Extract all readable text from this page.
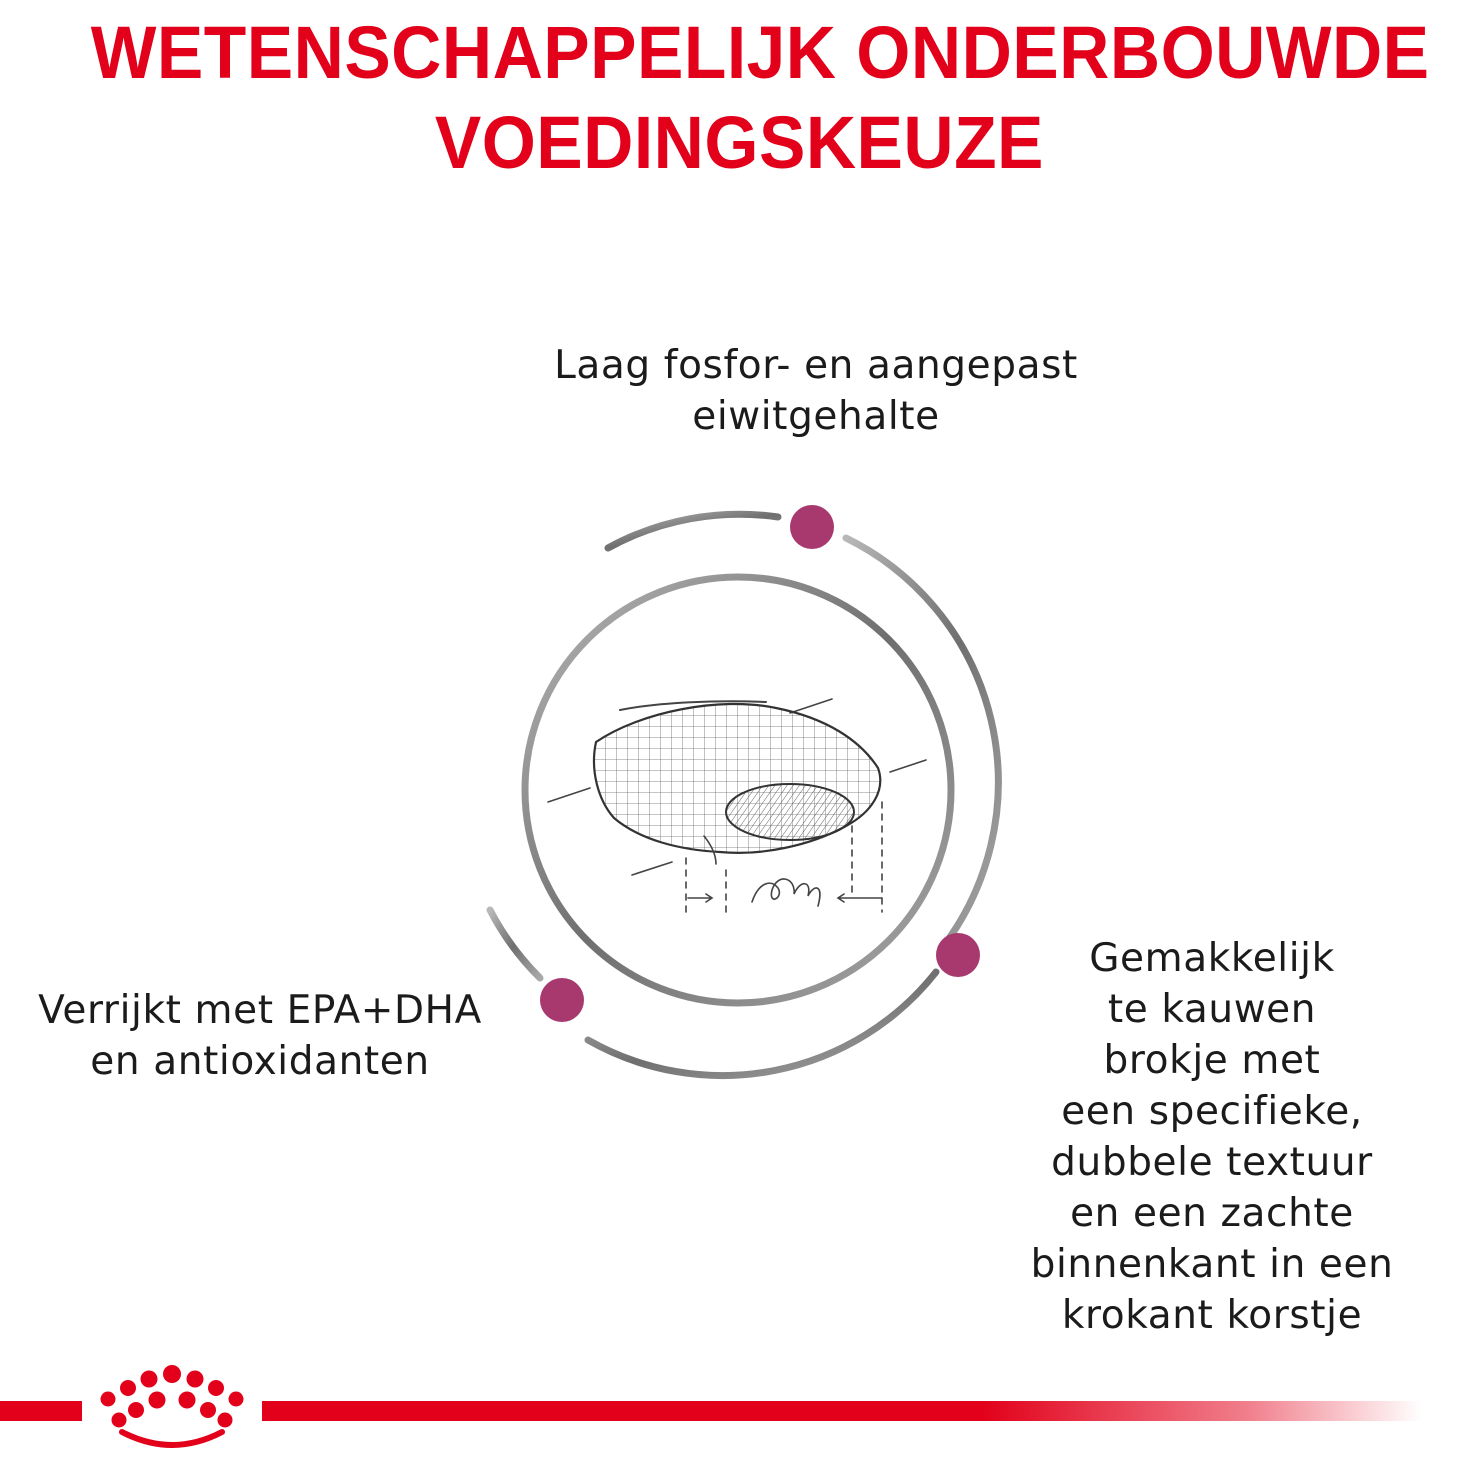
WETENSCHAPPELIJK ONDERBOUWDE
VOEDINGSKEUZE

Laag fosfor- en aangepast
eiwitgehalte

Verrijkt met EPA+DHA
en antioxidanten

Gemakkelijk
te kauwen
brokje met
een specifieke,
dubbele textuur
en een zachte
binnenkant in een
krokant korstje
